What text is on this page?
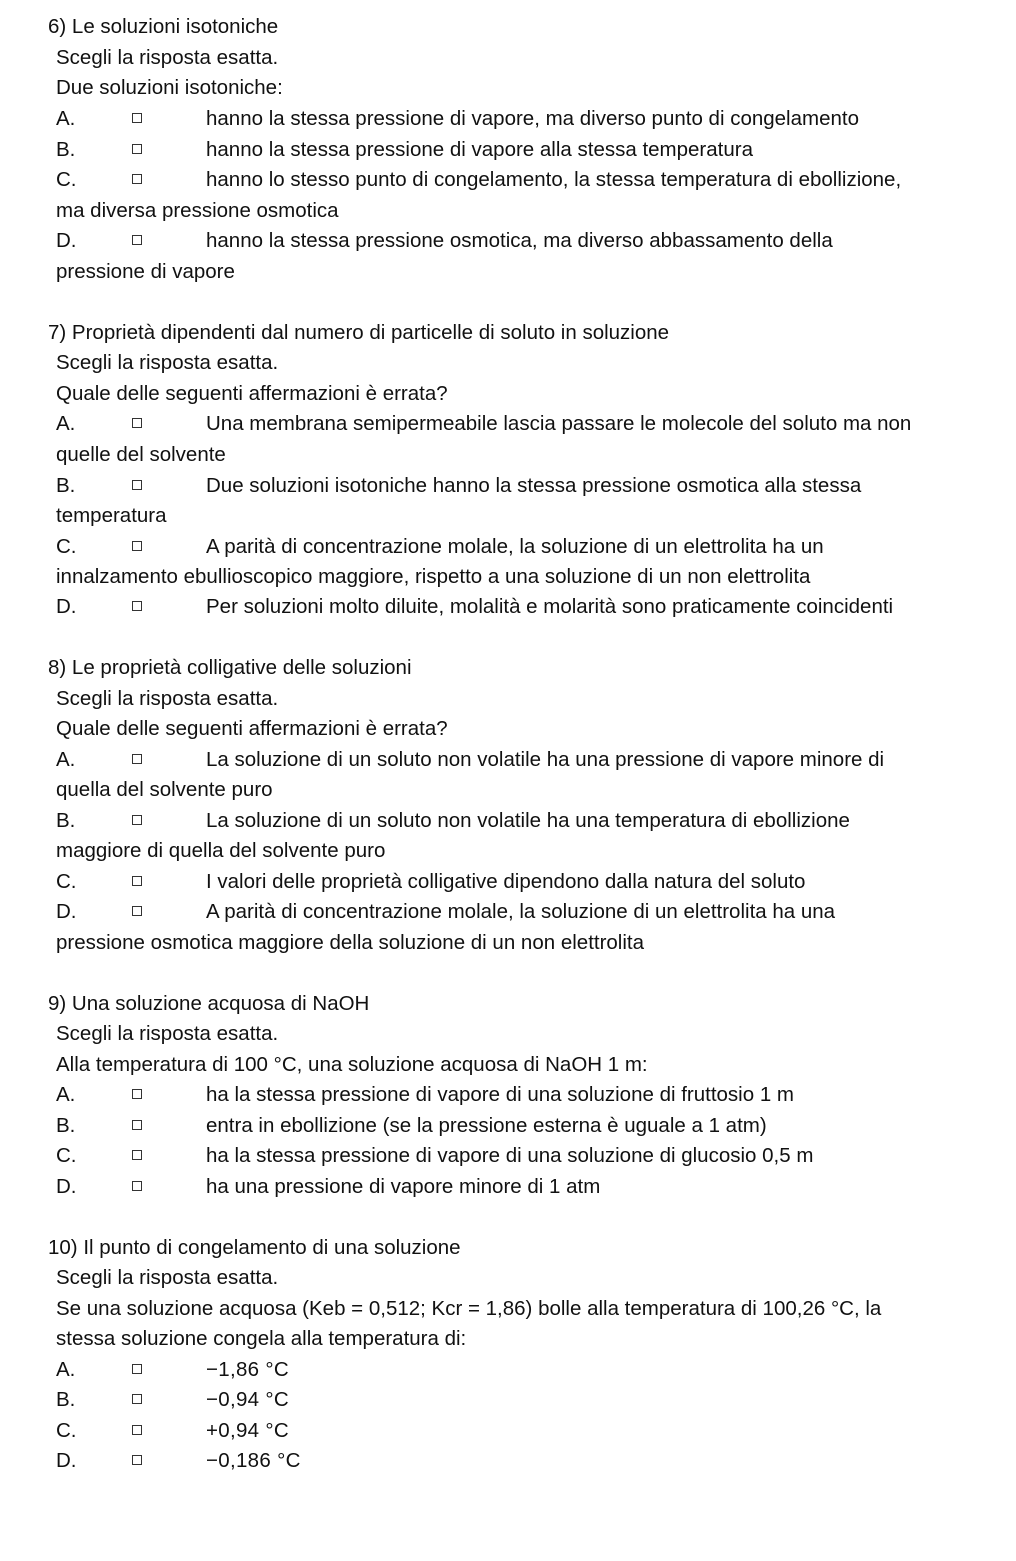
6) Le soluzioni isotoniche
Scegli la risposta esatta.
Due soluzioni isotoniche:
A.	hanno la stessa pressione di vapore, ma diverso punto di congelamento
B.	hanno la stessa pressione di vapore alla stessa temperatura
C.	hanno lo stesso punto di congelamento, la stessa temperatura di ebollizione,
ma diversa pressione osmotica
D.	hanno la stessa pressione osmotica, ma diverso abbassamento della
pressione di vapore
7) Proprietà dipendenti dal numero di particelle di soluto in soluzione
Scegli la risposta esatta.
Quale delle seguenti affermazioni è errata?
A.	Una membrana semipermeabile lascia passare le molecole del soluto ma non
quelle del solvente
B.	Due soluzioni isotoniche hanno la stessa pressione osmotica alla stessa
temperatura
C.	A parità di concentrazione molale, la soluzione di un elettrolita ha un
innalzamento ebullioscopico maggiore, rispetto a una soluzione di un non elettrolita
D.	Per soluzioni molto diluite, molalità e molarità sono praticamente coincidenti
8) Le proprietà colligative delle soluzioni
Scegli la risposta esatta.
Quale delle seguenti affermazioni è errata?
A.	La soluzione di un soluto non volatile ha una pressione di vapore minore di
quella del solvente puro
B.	La soluzione di un soluto non volatile ha una temperatura di ebollizione
maggiore di quella del solvente puro
C.	I valori delle proprietà colligative dipendono dalla natura del soluto
D.	A parità di concentrazione molale, la soluzione di un elettrolita ha una
pressione osmotica maggiore della soluzione di un non elettrolita
9) Una soluzione acquosa di NaOH
Scegli la risposta esatta.
Alla temperatura di 100 °C, una soluzione acquosa di NaOH 1 m:
A.	ha la stessa pressione di vapore di una soluzione di fruttosio 1 m
B.	entra in ebollizione (se la pressione esterna è uguale a 1 atm)
C.	ha la stessa pressione di vapore di una soluzione di glucosio 0,5 m
D.	ha una pressione di vapore minore di 1 atm
10) Il punto di congelamento di una soluzione
Scegli la risposta esatta.
Se una soluzione acquosa (Keb = 0,512; Kcr = 1,86) bolle alla temperatura di 100,26 °C, la
stessa soluzione congela alla temperatura di:
A.	−1,86 °C
B.	−0,94 °C
C.	+0,94 °C
D.	−0,186 °C
